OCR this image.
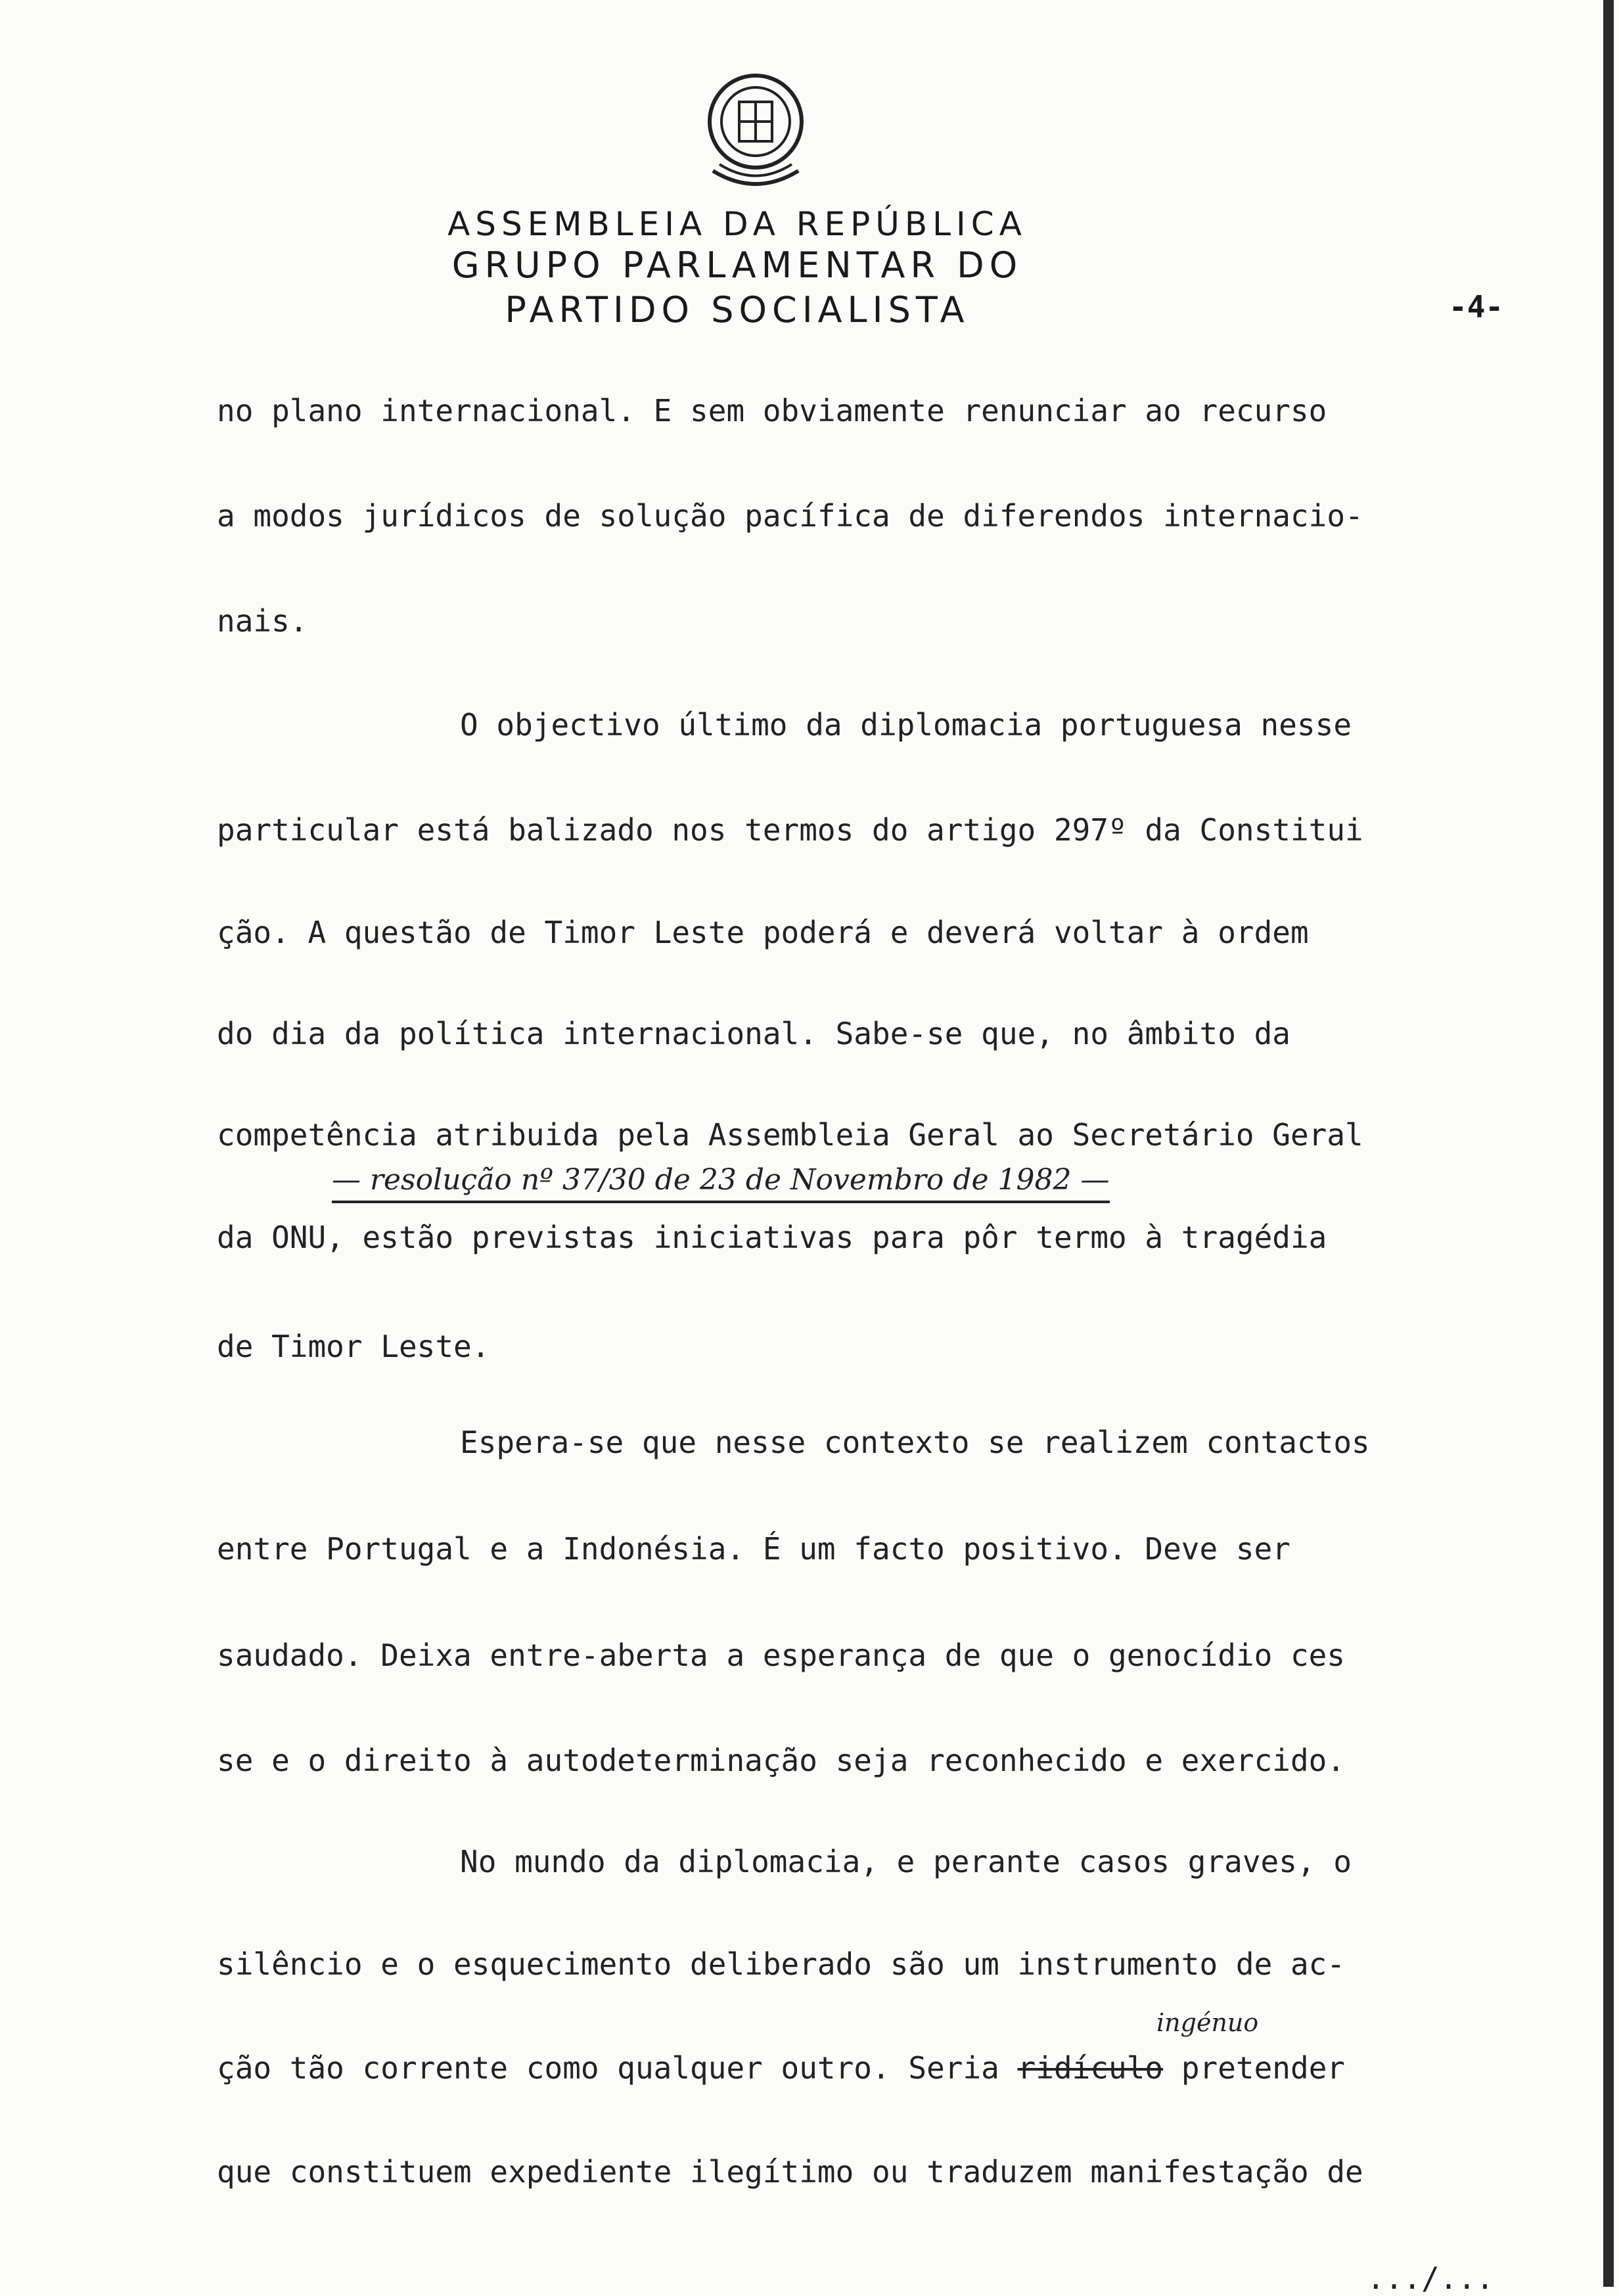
ASSEMBLEIA DA REPÚBLICA
GRUPO PARLAMENTAR DO
PARTIDO SOCIALISTA	-4-
no plano internacional. E sem obviamente renunciar ao recurso
a modos jurídicos de solução pacífica de diferendos internacio-
nais.
O objectivo último da diplomacia portuguesa nesse
particular está balizado nos termos do artigo 297º da Constitui
ção. A questão de Timor Leste poderá e deverá voltar à ordem
do dia da política internacional. Sabe-se que, no âmbito da
competência atribuida pela Assembleia Geral ao Secretário Geral
— resolução nº 37/30 de 23 de Novembro de 1982 —
da ONU, estão previstas iniciativas para pôr termo à tragédia
de Timor Leste.
Espera-se que nesse contexto se realizem contactos
entre Portugal e a Indonésia. É um facto positivo. Deve ser
saudado. Deixa entre-aberta a esperança de que o genocídio ces
se e o direito à autodeterminação seja reconhecido e exercido.
No mundo da diplomacia, e perante casos graves, o
silêncio e o esquecimento deliberado são um instrumento de ac-
ingénuo
ção tão corrente como qualquer outro. Seria ridículo pretender
que constituem expediente ilegítimo ou traduzem manifestação de
.../...
